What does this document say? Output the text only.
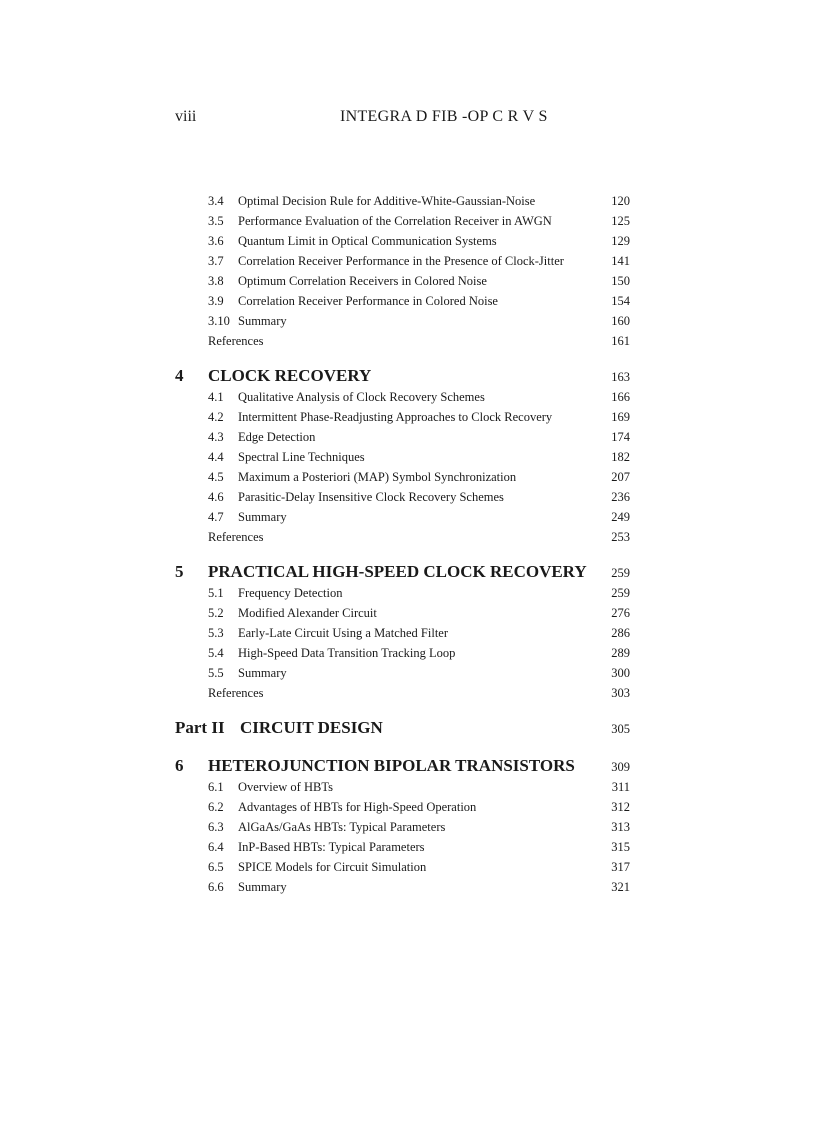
viii	INTEGRA D FIB -OP C R V S
3.4 Optimal Decision Rule for Additive-White-Gaussian-Noise	120
3.5 Performance Evaluation of the Correlation Receiver in AWGN	125
3.6 Quantum Limit in Optical Communication Systems	129
3.7 Correlation Receiver Performance in the Presence of Clock-Jitter	141
3.8 Optimum Correlation Receivers in Colored Noise	150
3.9 Correlation Receiver Performance in Colored Noise	154
3.10 Summary	160
References	161
4 CLOCK RECOVERY	163
4.1 Qualitative Analysis of Clock Recovery Schemes	166
4.2 Intermittent Phase-Readjusting Approaches to Clock Recovery	169
4.3 Edge Detection	174
4.4 Spectral Line Techniques	182
4.5 Maximum a Posteriori (MAP) Symbol Synchronization	207
4.6 Parasitic-Delay Insensitive Clock Recovery Schemes	236
4.7 Summary	249
References	253
5 PRACTICAL HIGH-SPEED CLOCK RECOVERY 259
5.1 Frequency Detection	259
5.2 Modified Alexander Circuit	276
5.3 Early-Late Circuit Using a Matched Filter	286
5.4 High-Speed Data Transition Tracking Loop	289
5.5 Summary	300
References	303
Part II CIRCUIT DESIGN	305
6 HETEROJUNCTION BIPOLAR TRANSISTORS	309
6.1 Overview of HBTs	311
6.2 Advantages of HBTs for High-Speed Operation	312
6.3 AlGaAs/GaAs HBTs: Typical Parameters	313
6.4 InP-Based HBTs: Typical Parameters	315
6.5 SPICE Models for Circuit Simulation	317
6.6 Summary	321
